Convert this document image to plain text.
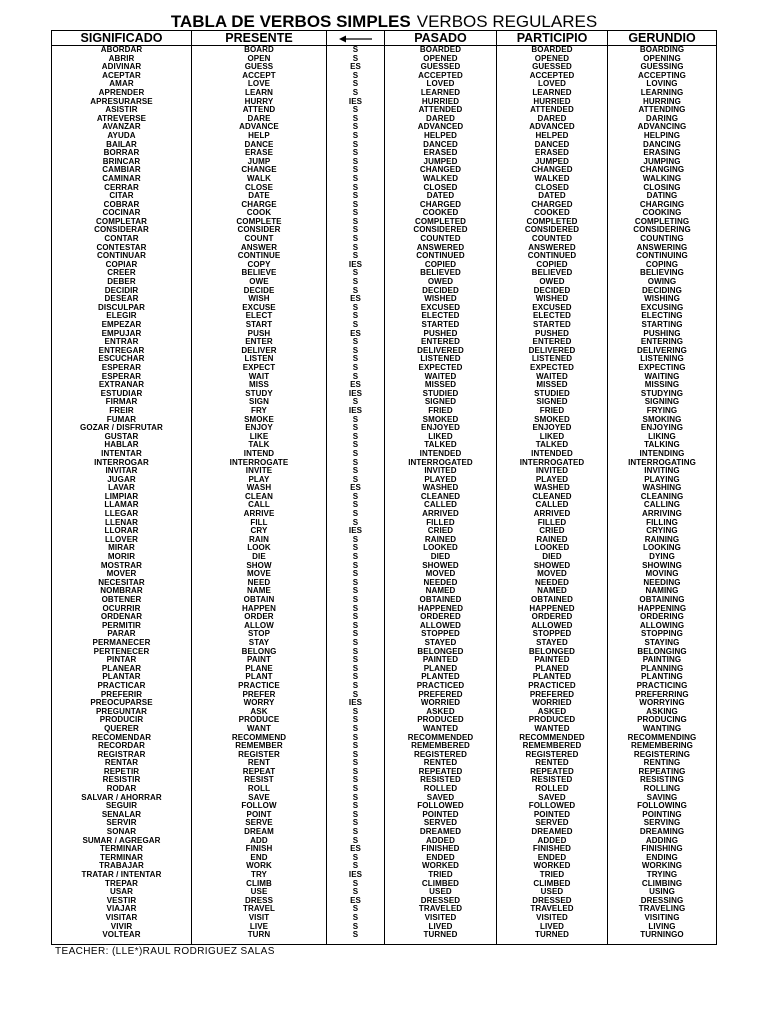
TABLA DE VERBOS SIMPLES VERBOS REGULARES
SIGNIFICADO
ABORDAR
ABRIR
ADIVINAR
ACEPTAR
AMAR
APRENDER
APRESURARSE
ASISTIR
ATREVERSE
AVANZAR
AYUDA
BAILAR
BORRAR
BRINCAR
CAMBIAR
CAMINAR
CERRAR
CITAR
COBRAR
COCINAR
COMPLETAR
CONSIDERAR
CONTAR
CONTESTAR
CONTINUAR
COPIAR
CREER
DEBER
DECIDIR
DESEAR
DISCULPAR
ELEGIR
EMPEZAR
EMPUJAR
ENTRAR
ENTREGAR
ESCUCHAR
ESPERAR
ESPERAR
EXTRAÑAR
ESTUDIAR
FIRMAR
FREIR
FUMAR
GOZAR / DISFRUTAR
GUSTAR
HABLAR
INTENTAR
INTERROGAR
INVITAR
JUGAR
LAVAR
LIMPIAR
LLAMAR
LLEGAR
LLENAR
LLORAR
LLOVER
MIRAR
MORIR
MOSTRAR
MOVER
NECESITAR
NOMBRAR
OBTENER
OCURRIR
ORDENAR
PERMITIR
PARAR
PERMANECER
PERTENECER
PINTAR
PLANEAR
PLANTAR
PRACTICAR
PREFERIR
PREOCUPARSE
PREGUNTAR
PRODUCIR
QUERER
RECOMENDAR
RECORDAR
REGISTRAR
RENTAR
REPETIR
RESISTIR
RODAR
SALVAR / AHORRAR
SEGUIR
SEÑALAR
SERVIR
SOÑAR
SUMAR / AGREGAR
TERMINAR
TERMINAR
TRABAJAR
TRATAR / INTENTAR
TREPAR
USAR
VESTIR
VIAJAR
VISITAR
VIVIR
VOLTEAR
PRESENTE
BOARD
OPEN
GUESS
ACCEPT
LOVE
LEARN
HURRY
ATTEND
DARE
ADVANCE
HELP
DANCE
ERASE
JUMP
CHANGE
WALK
CLOSE
DATE
CHARGE
COOK
COMPLETE
CONSIDER
COUNT
ANSWER
CONTINUE
COPY
BELIEVE
OWE
DECIDE
WISH
EXCUSE
ELECT
START
PUSH
ENTER
DELIVER
LISTEN
EXPECT
WAIT
MISS
STUDY
SIGN
FRY
SMOKE
ENJOY
LIKE
TALK
INTEND
INTERROGATE
INVITE
PLAY
WASH
CLEAN
CALL
ARRIVE
FILL
CRY
RAIN
LOOK
DIE
SHOW
MOVE
NEED
NAME
OBTAIN
HAPPEN
ORDER
ALLOW
STOP
STAY
BELONG
PAINT
PLANE
PLANT
PRACTICE
PREFER
WORRY
ASK
PRODUCE
WANT
RECOMMEND
REMEMBER
REGISTER
RENT
REPEAT
RESIST
ROLL
SAVE
FOLLOW
POINT
SERVE
DREAM
ADD
FINISH
END
WORK
TRY
CLIMB
USE
DRESS
TRAVEL
VISIT
LIVE
TURN
S
S
ES
S
S
S
IES
S
S
S
S
S
S
S
S
S
S
S
S
S
S
S
S
S
S
IES
S
S
S
ES
S
S
S
ES
S
S
S
S
S
ES
IES
S
IES
S
S
S
S
S
S
S
S
ES
S
S
S
S
IES
S
S
S
S
S
S
S
S
S
S
S
S
S
S
S
S
S
S
S
IES
S
S
S
S
S
S
S
S
S
S
S
S
S
S
S
S
ES
S
S
IES
S
S
ES
S
S
S
S
PASADO
BOARDED
OPENED
GUESSED
ACCEPTED
LOVED
LEARNED
HURRIED
ATTENDED
DARED
ADVANCED
HELPED
DANCED
ERASED
JUMPED
CHANGED
WALKED
CLOSED
DATED
CHARGED
COOKED
COMPLETED
CONSIDERED
COUNTED
ANSWERED
CONTINUED
COPIED
BELIEVED
OWED
DECIDED
WISHED
EXCUSED
ELECTED
STARTED
PUSHED
ENTERED
DELIVERED
LISTENED
EXPECTED
WAITED
MISSED
STUDIED
SIGNED
FRIED
SMOKED
ENJOYED
LIKED
TALKED
INTENDED
INTERROGATED
INVITED
PLAYED
WASHED
CLEANED
CALLED
ARRIVED
FILLED
CRIED
RAINED
LOOKED
DIED
SHOWED
MOVED
NEEDED
NAMED
OBTAINED
HAPPENED
ORDERED
ALLOWED
STOPPED
STAYED
BELONGED
PAINTED
PLANED
PLANTED
PRACTICED
PREFERED
WORRIED
ASKED
PRODUCED
WANTED
RECOMMENDED
REMEMBERED
REGISTERED
RENTED
REPEATED
RESISTED
ROLLED
SAVED
FOLLOWED
POINTED
SERVED
DREAMED
ADDED
FINISHED
ENDED
WORKED
TRIED
CLIMBED
USED
DRESSED
TRAVELED
VISITED
LIVED
TURNED
PARTICIPIO
BOARDED
OPENED
GUESSED
ACCEPTED
LOVED
LEARNED
HURRIED
ATTENDED
DARED
ADVANCED
HELPED
DANCED
ERASED
JUMPED
CHANGED
WALKED
CLOSED
DATED
CHARGED
COOKED
COMPLETED
CONSIDERED
COUNTED
ANSWERED
CONTINUED
COPIED
BELIEVED
OWED
DECIDED
WISHED
EXCUSED
ELECTED
STARTED
PUSHED
ENTERED
DELIVERED
LISTENED
EXPECTED
WAITED
MISSED
STUDIED
SIGNED
FRIED
SMOKED
ENJOYED
LIKED
TALKED
INTENDED
INTERROGATED
INVITED
PLAYED
WASHED
CLEANED
CALLED
ARRIVED
FILLED
CRIED
RAINED
LOOKED
DIED
SHOWED
MOVED
NEEDED
NAMED
OBTAINED
HAPPENED
ORDERED
ALLOWED
STOPPED
STAYED
BELONGED
PAINTED
PLANED
PLANTED
PRACTICED
PREFERED
WORRIED
ASKED
PRODUCED
WANTED
RECOMMENDED
REMEMBERED
REGISTERED
RENTED
REPEATED
RESISTED
ROLLED
SAVED
FOLLOWED
POINTED
SERVED
DREAMED
ADDED
FINISHED
ENDED
WORKED
TRIED
CLIMBED
USED
DRESSED
TRAVELED
VISITED
LIVED
TURNED
GERUNDIO
BOARDING
OPENING
GUESSING
ACCEPTING
LOVING
LEARNING
HURRING
ATTENDING
DARING
ADVANCING
HELPING
DANCING
ERASING
JUMPING
CHANGING
WALKING
CLOSING
DATING
CHARGING
COOKING
COMPLETING
CONSIDERING
COUNTING
ANSWERING
CONTINUING
COPING
BELIEVING
OWING
DECIDING
WISHING
EXCUSING
ELECTING
STARTING
PUSHING
ENTERING
DELIVERING
LISTENING
EXPECTING
WAITING
MISSING
STUDYING
SIGNING
FRYING
SMOKING
ENJOYING
LIKING
TALKING
INTENDING
INTERROGATING
INVITING
PLAYING
WASHING
CLEANING
CALLING
ARRIVING
FILLING
CRYING
RAINING
LOOKING
DYING
SHOWING
MOVING
NEEDING
NAMING
OBTAINING
HAPPENING
ORDERING
ALLOWING
STOPPING
STAYING
BELONGING
PAINTING
PLANNING
PLANTING
PRACTICING
PREFERRING
WORRYING
ASKING
PRODUCING
WANTING
RECOMMENDING
REMEMBERING
REGISTERING
RENTING
REPEATING
RESISTING
ROLLING
SAVING
FOLLOWING
POINTING
SERVING
DREAMING
ADDING
FINISHING
ENDING
WORKING
TRYING
CLIMBING
USING
DRESSING
TRAVELING
VISITING
LIVING
TURNINGO
TEACHER: (LLE*)RAUL RODRIGUEZ SALAS
